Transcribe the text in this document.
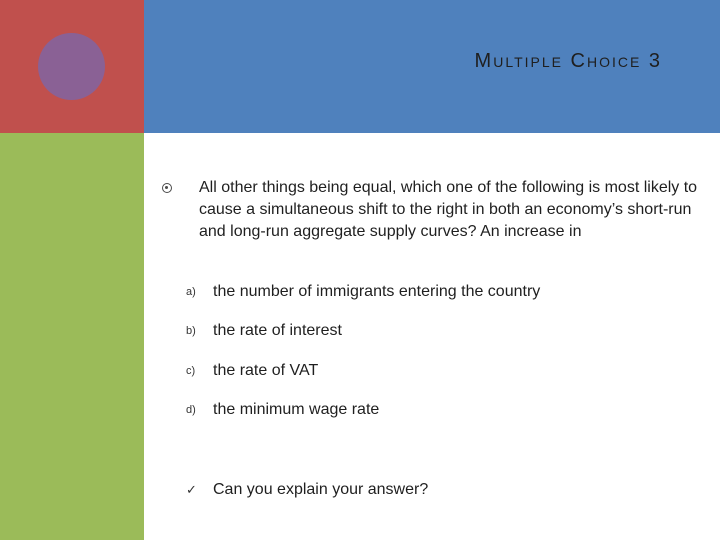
Multiple Choice 3
All other things being equal, which one of the following is most likely to cause a simultaneous shift to the right in both an economy’s short-run and long-run aggregate supply curves? An increase in
a)	the number of immigrants entering the country
b)	the rate of interest
c)	the rate of VAT
d)	the minimum wage rate
✓	Can you explain your answer?
